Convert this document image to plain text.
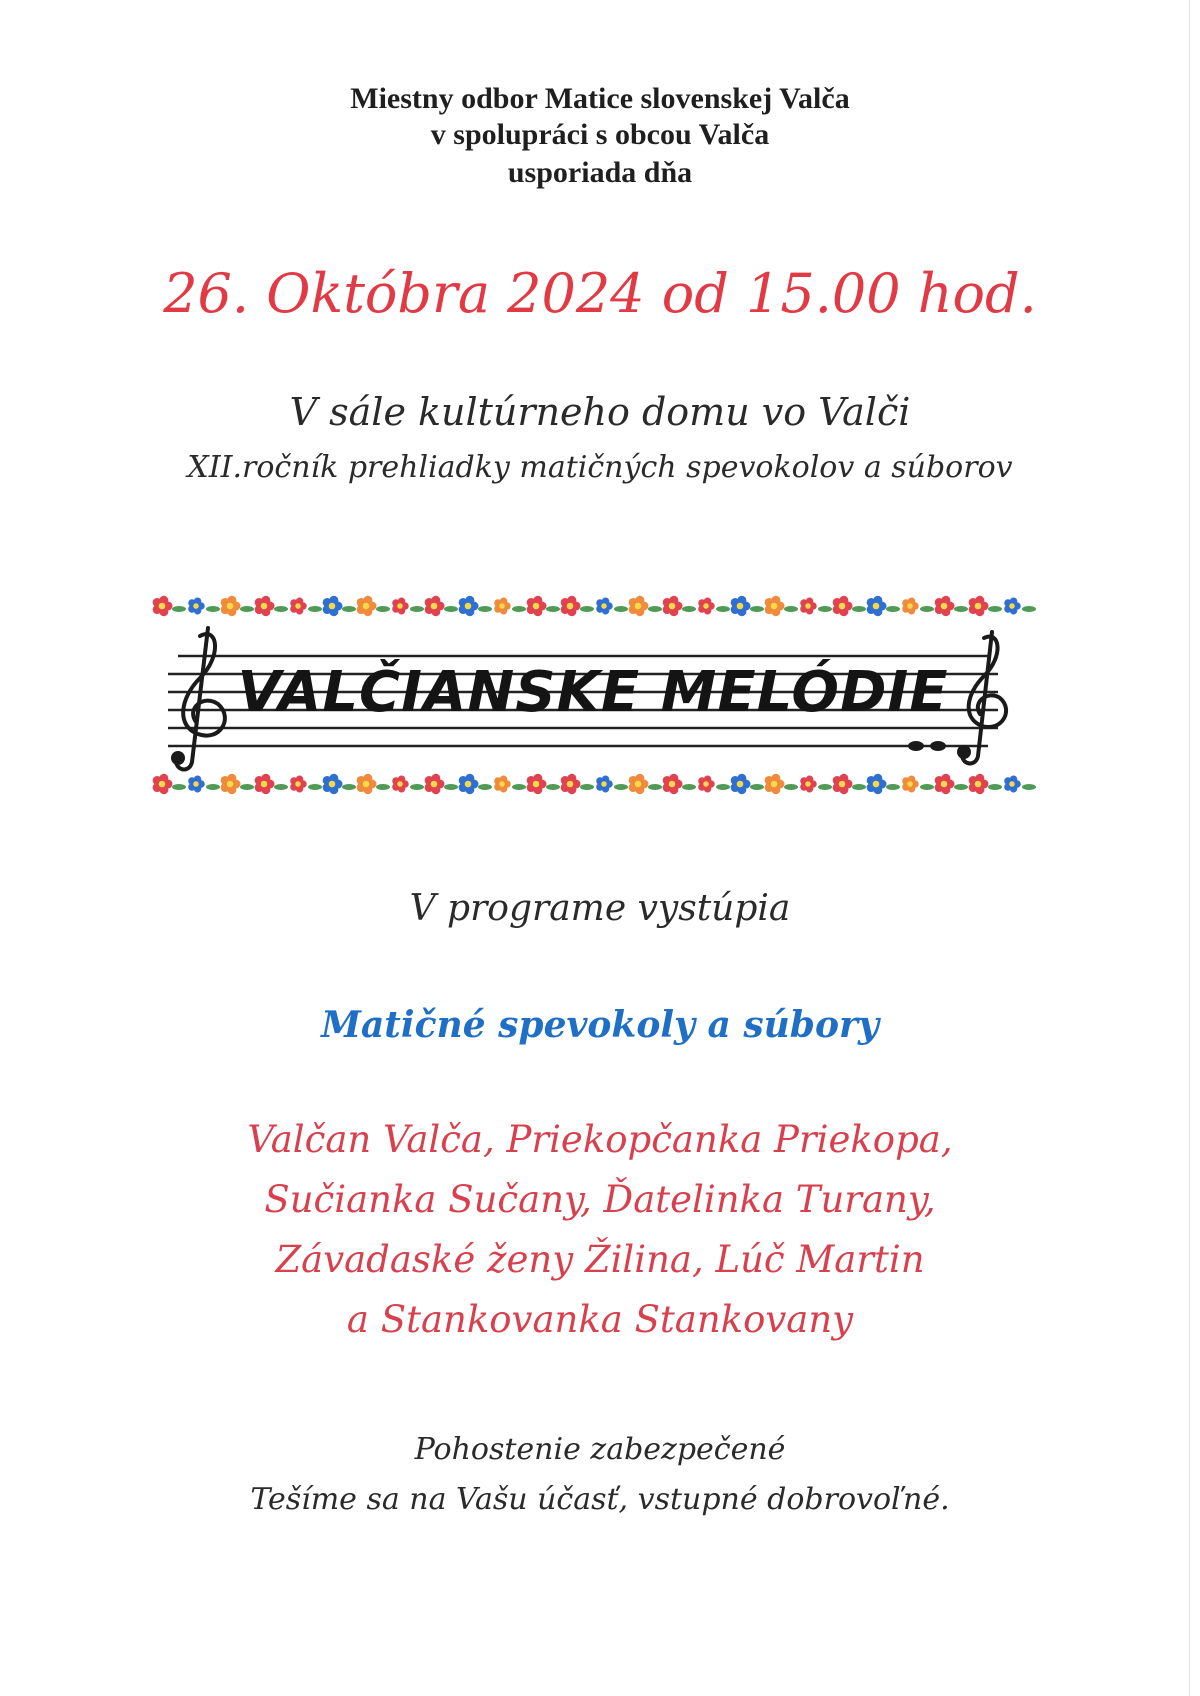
Miestny odbor Matice slovenskej Valča
v spolupráci s obcou Valča
usporiada dňa
26. Októbra 2024 od 15.00 hod.
V sále kultúrneho domu vo Valči
XII.ročník prehliadky matičných spevokolov a súborov
VALČIANSKE MELÓDIE
V programe vystúpia
Matičné spevokoly a súbory
Valčan Valča, Priekopčanka Priekopa,
Sučianka Sučany, Ďatelinka Turany,
Závadaské ženy Žilina, Lúč Martin
a Stankovanka Stankovany
Pohostenie zabezpečené
Tešíme sa na Vašu účasť, vstupné dobrovoľné.
